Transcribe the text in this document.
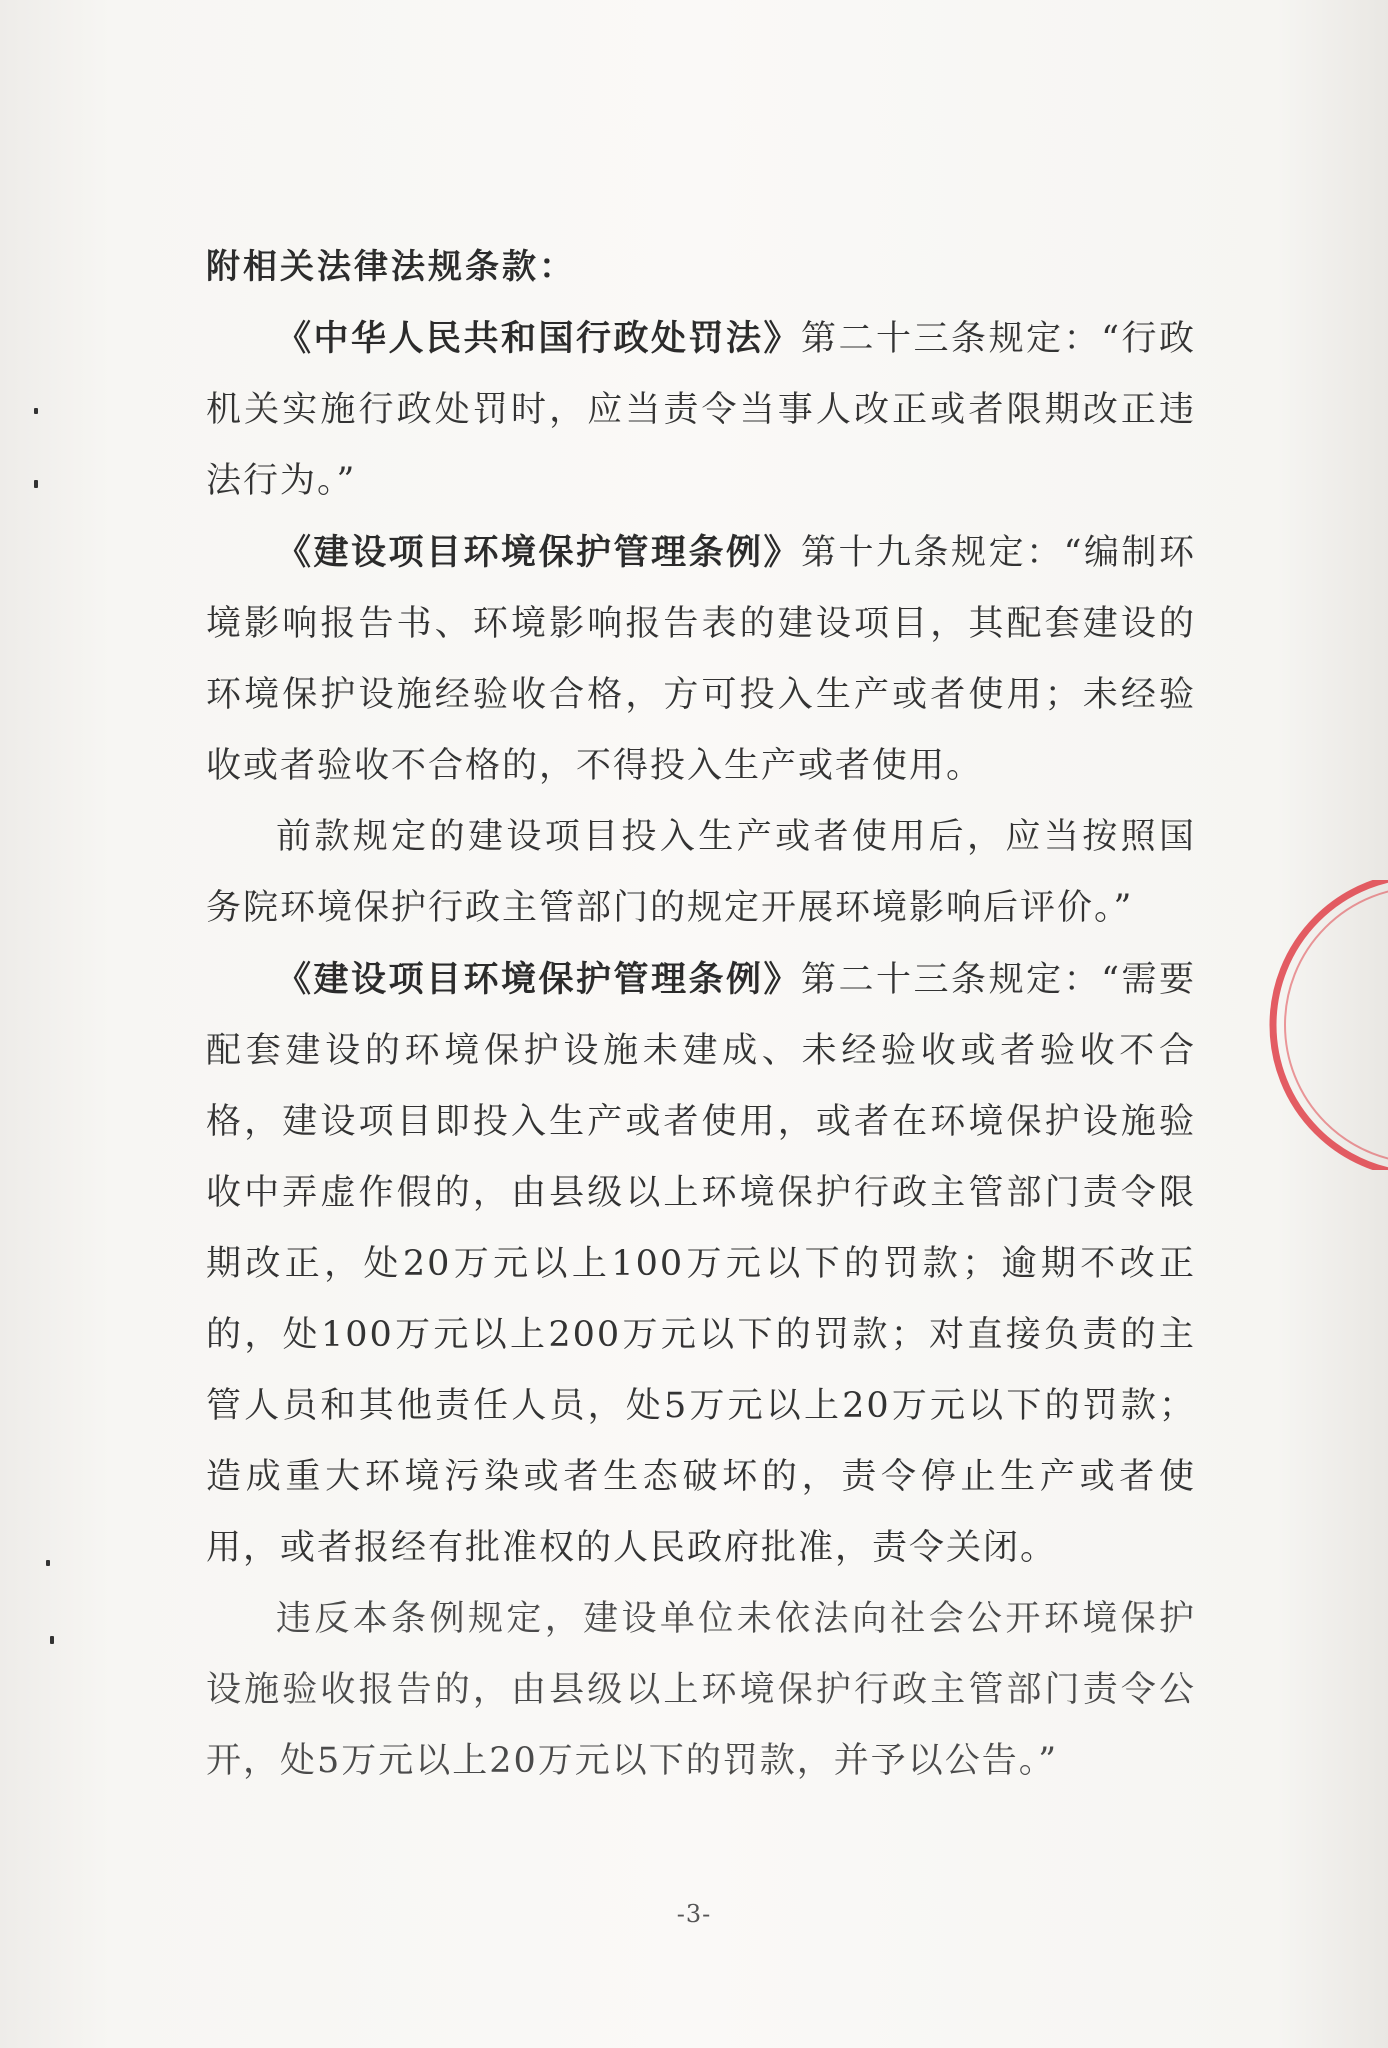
附相关法律法规条款：

《中华人民共和国行政处罚法》第二十三条规定：“行政机关实施行政处罚时，应当责令当事人改正或者限期改正违法行为。”

《建设项目环境保护管理条例》第十九条规定：“编制环境影响报告书、环境影响报告表的建设项目，其配套建设的环境保护设施经验收合格，方可投入生产或者使用；未经验收或者验收不合格的，不得投入生产或者使用。

前款规定的建设项目投入生产或者使用后，应当按照国务院环境保护行政主管部门的规定开展环境影响后评价。”

《建设项目环境保护管理条例》第二十三条规定：“需要配套建设的环境保护设施未建成、未经验收或者验收不合格，建设项目即投入生产或者使用，或者在环境保护设施验收中弄虚作假的，由县级以上环境保护行政主管部门责令限期改正，处20万元以上100万元以下的罚款；逾期不改正的，处100万元以上200万元以下的罚款；对直接负责的主管人员和其他责任人员，处5万元以上20万元以下的罚款；造成重大环境污染或者生态破坏的，责令停止生产或者使用，或者报经有批准权的人民政府批准，责令关闭。

违反本条例规定，建设单位未依法向社会公开环境保护设施验收报告的，由县级以上环境保护行政主管部门责令公开，处5万元以上20万元以下的罚款，并予以公告。”

-3-
